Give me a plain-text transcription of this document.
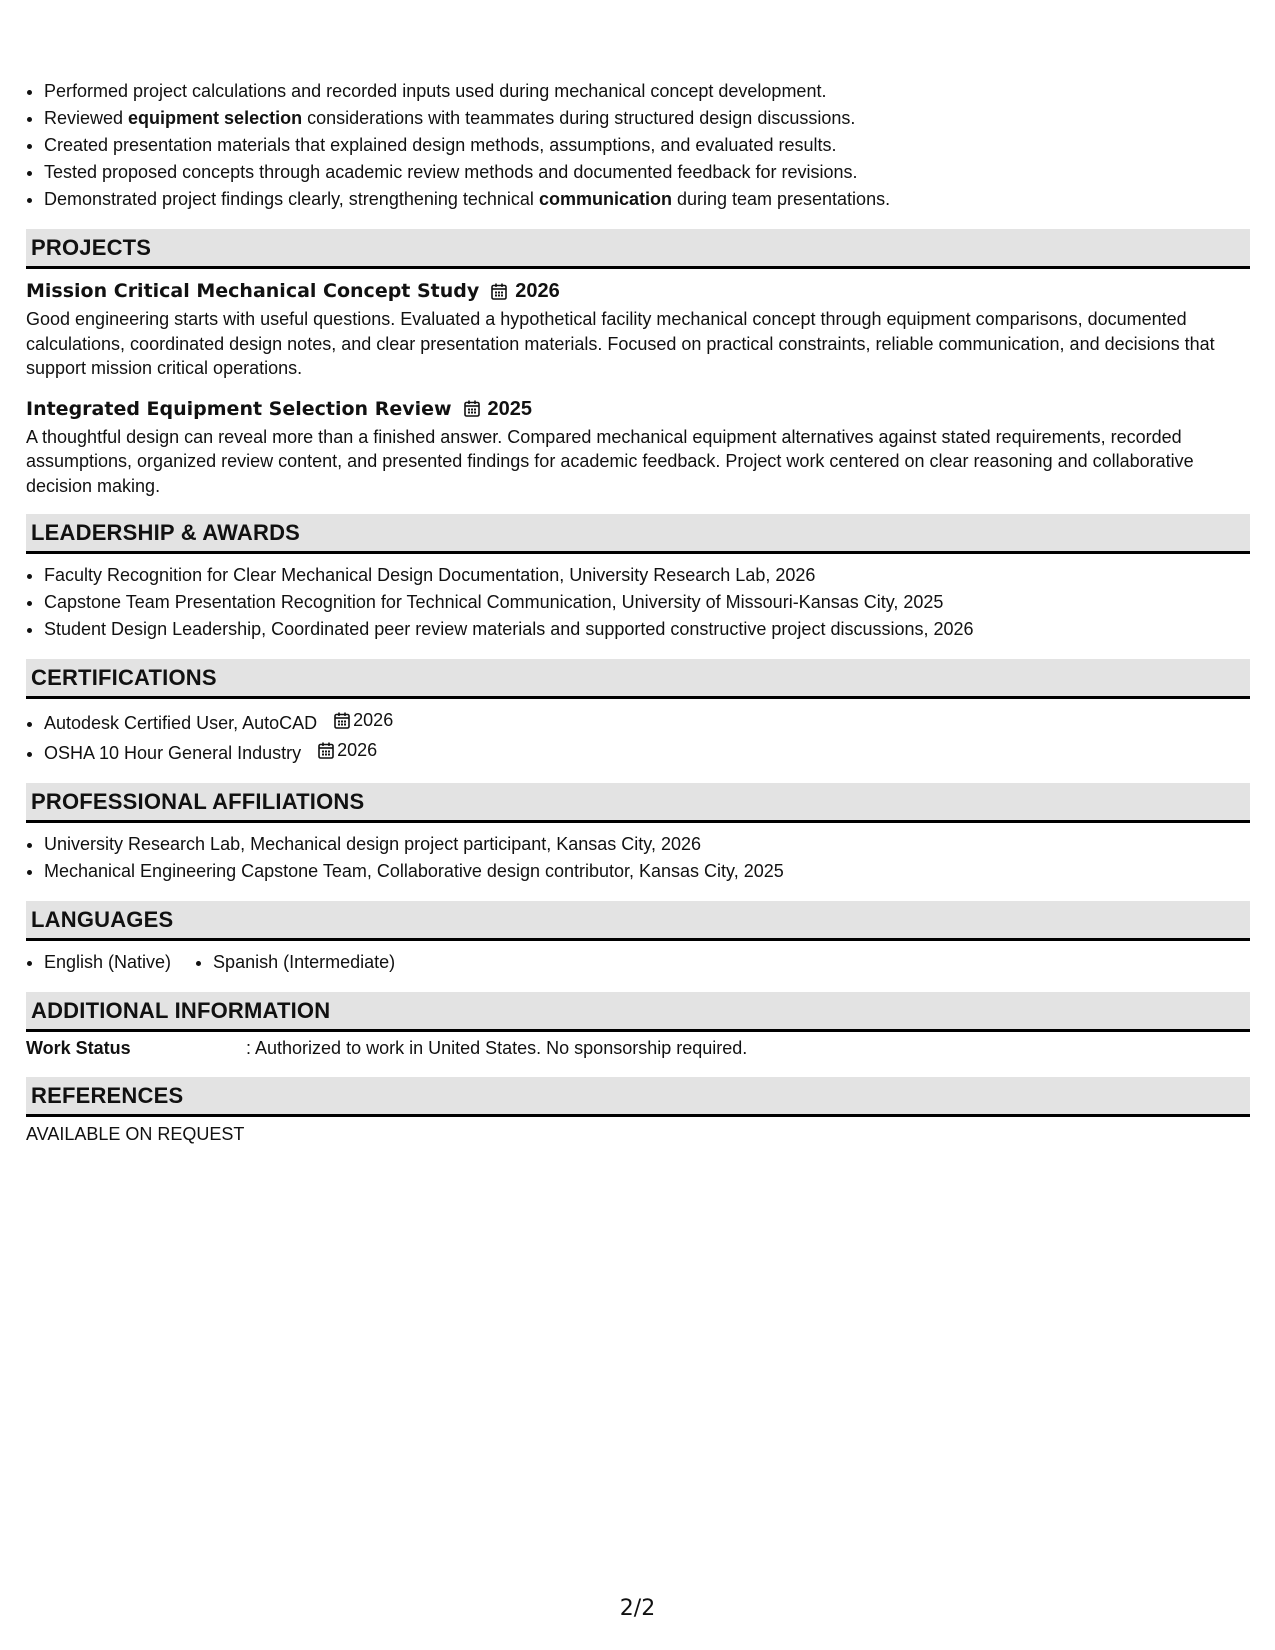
• Performed project calculations and recorded inputs used during mechanical concept development.
• Reviewed equipment selection considerations with teammates during structured design discussions.
• Created presentation materials that explained design methods, assumptions, and evaluated results.
• Tested proposed concepts through academic review methods and documented feedback for revisions.
• Demonstrated project findings clearly, strengthening technical communication during team presentations.
PROJECTS
Mission Critical Mechanical Concept Study 2026
Good engineering starts with useful questions. Evaluated a hypothetical facility mechanical concept through equipment comparisons, documented calculations, coordinated design notes, and clear presentation materials. Focused on practical constraints, reliable communication, and decisions that support mission critical operations.
Integrated Equipment Selection Review 2025
A thoughtful design can reveal more than a finished answer. Compared mechanical equipment alternatives against stated requirements, recorded assumptions, organized review content, and presented findings for academic feedback. Project work centered on clear reasoning and collaborative decision making.
LEADERSHIP & AWARDS
• Faculty Recognition for Clear Mechanical Design Documentation, University Research Lab, 2026
• Capstone Team Presentation Recognition for Technical Communication, University of Missouri-Kansas City, 2025
• Student Design Leadership, Coordinated peer review materials and supported constructive project discussions, 2026
CERTIFICATIONS
• Autodesk Certified User, AutoCAD 2026
• OSHA 10 Hour General Industry 2026
PROFESSIONAL AFFILIATIONS
• University Research Lab, Mechanical design project participant, Kansas City, 2026
• Mechanical Engineering Capstone Team, Collaborative design contributor, Kansas City, 2025
LANGUAGES
• English (Native)
• Spanish (Intermediate)
ADDITIONAL INFORMATION
Work Status	: Authorized to work in United States. No sponsorship required.
REFERENCES
AVAILABLE ON REQUEST
2/2
